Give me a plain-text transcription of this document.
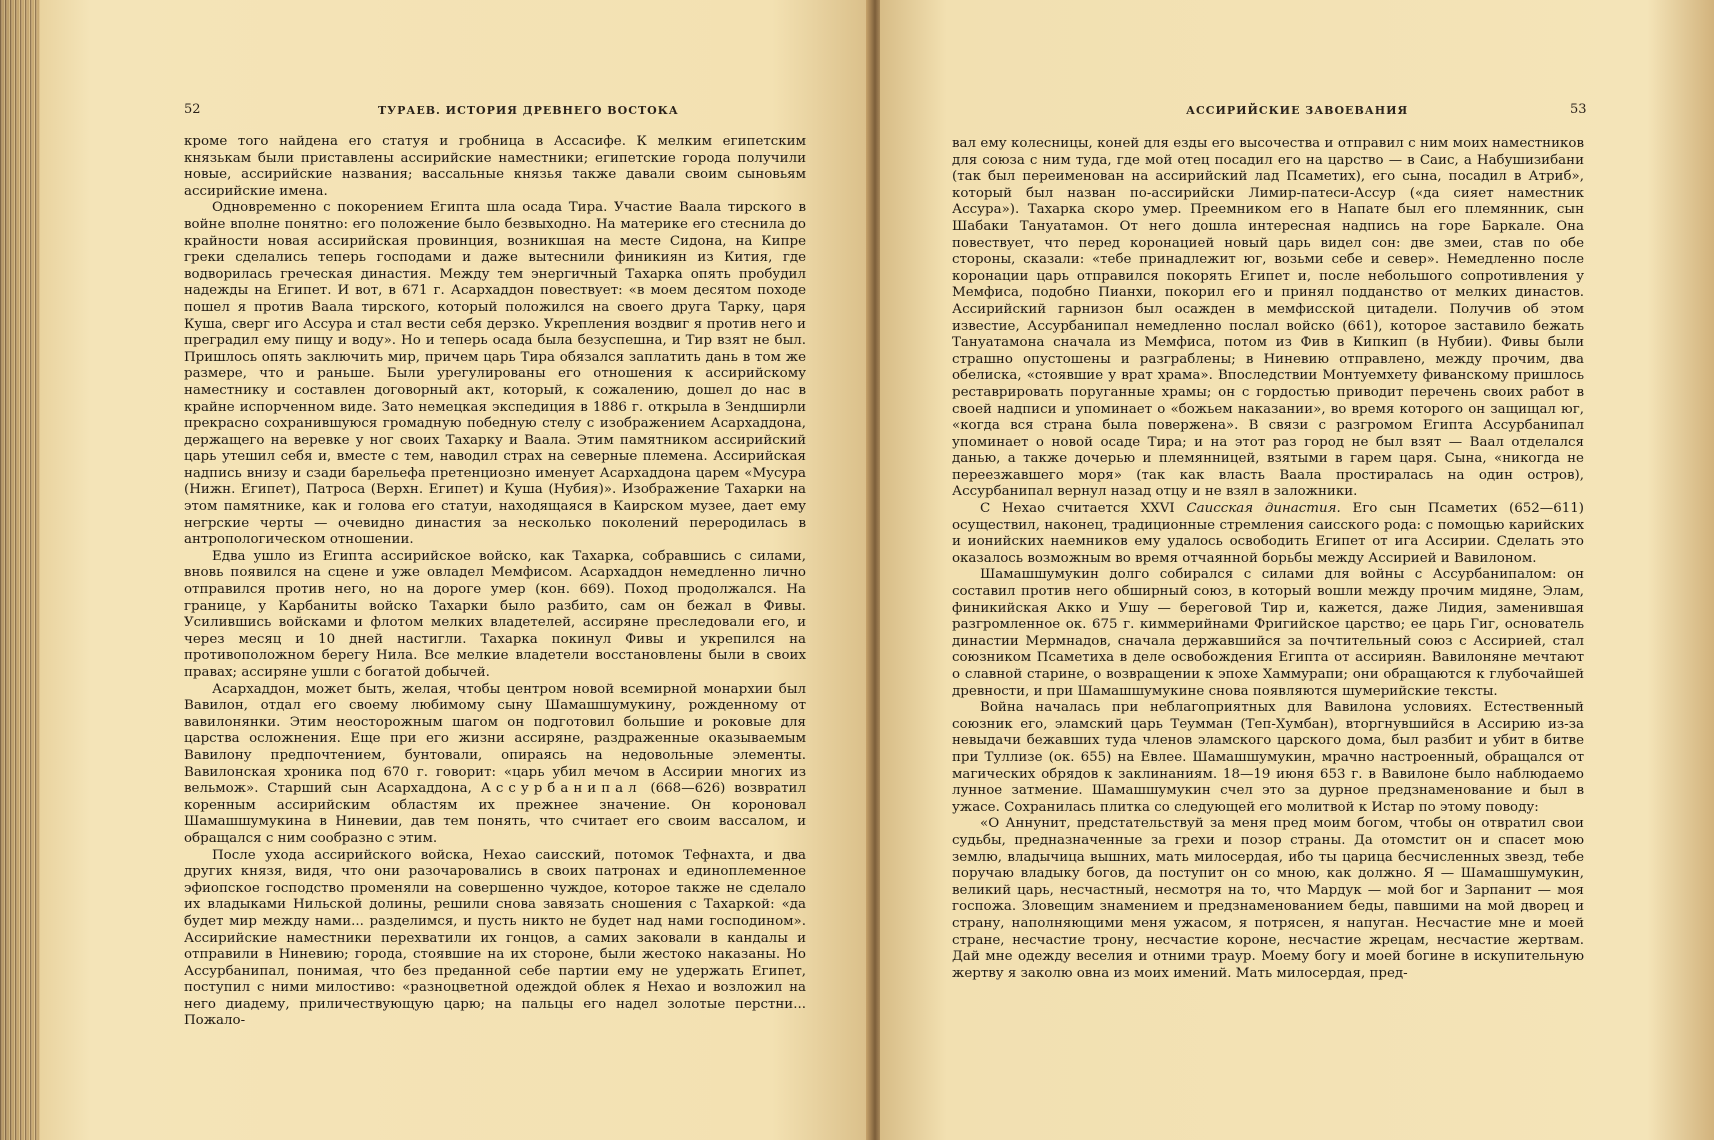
52	ТУРАЕВ. ИСТОРИЯ ДРЕВНЕГО ВОСТОКА

кроме того найдена его статуя и гробница в Ассасифе. К мелким египетским князькам были приставлены ассирийские наместники; египетские города получили новые, ассирийские названия; вассальные князья также давали своим сыновьям ассирийские имена.

Одновременно с покорением Египта шла осада Тира. Участие Ваала тирского в войне вполне понятно: его положение было безвыходно. На материке его стеснила до крайности новая ассирийская провинция, возникшая на месте Сидона, на Кипре греки сделались теперь господами и даже вытеснили финикиян из Кития, где водворилась греческая династия. Между тем энергичный Тахарка опять пробудил надежды на Египет. И вот, в 671 г. Асархаддон повествует: «в моем десятом походе пошел я против Ваала тирского, который положился на своего друга Тарку, царя Куша, сверг иго Ассура и стал вести себя дерзко. Укрепления воздвиг я против него и преградил ему пищу и воду». Но и теперь осада была безуспешна, и Тир взят не был. Пришлось опять заключить мир, причем царь Тира обязался заплатить дань в том же размере, что и раньше. Были урегулированы его отношения к ассирийскому наместнику и составлен договорный акт, который, к сожалению, дошел до нас в крайне испорченном виде. Зато немецкая экспедиция в 1886 г. открыла в Зендширли прекрасно сохранившуюся громадную победную стелу с изображением Асархаддона, держащего на веревке у ног своих Тахарку и Ваала. Этим памятником ассирийский царь утешил себя и, вместе с тем, наводил страх на северные племена. Ассирийская надпись внизу и сзади барельефа претенциозно именует Асархаддона царем «Мусура (Нижн. Египет), Патроса (Верхн. Египет) и Куша (Нубия)». Изображение Тахарки на этом памятнике, как и голова его статуи, находящаяся в Каирском музее, дает ему негрские черты — очевидно династия за несколько поколений переродилась в антропологическом отношении.

Едва ушло из Египта ассирийское войско, как Тахарка, собравшись с силами, вновь появился на сцене и уже овладел Мемфисом. Асархаддон немедленно лично отправился против него, но на дороге умер (кон. 669). Поход продолжался. На границе, у Карбаниты войско Тахарки было разбито, сам он бежал в Фивы. Усилившись войсками и флотом мелких владетелей, ассиряне преследовали его, и через месяц и 10 дней настигли. Тахарка покинул Фивы и укрепился на противоположном берегу Нила. Все мелкие владетели восстановлены были в своих правах; ассиряне ушли с богатой добычей.

Асархаддон, может быть, желая, чтобы центром новой всемирной монархии был Вавилон, отдал его своему любимому сыну Шамашшумукину, рожденному от вавилонянки. Этим неосторожным шагом он подготовил большие и роковые для царства осложнения. Еще при его жизни ассиряне, раздраженные оказываемым Вавилону предпочтением, бунтовали, опираясь на недовольные элементы. Вавилонская хроника под 670 г. говорит: «царь убил мечом в Ассирии многих из вельмож». Старший сын Асархаддона, Ассурбанипал (668—626) возвратил коренным ассирийским областям их прежнее значение. Он короновал Шамашшумукина в Ниневии, дав тем понять, что считает его своим вассалом, и обращался с ним сообразно с этим.

После ухода ассирийского войска, Нехао саисский, потомок Тефнахта, и два других князя, видя, что они разочаровались в своих патронах и единоплеменное эфиопское господство променяли на совершенно чуждое, которое также не сделало их владыками Нильской долины, решили снова завязать сношения с Тахаркой: «да будет мир между нами... разделимся, и пусть никто не будет над нами господином». Ассирийские наместники перехватили их гонцов, а самих заковали в кандалы и отправили в Ниневию; города, стоявшие на их стороне, были жестоко наказаны. Но Ассурбанипал, понимая, что без преданной себе партии ему не удержать Египет, поступил с ними милостиво: «разноцветной одеждой облек я Нехао и возложил на него диадему, приличествующую царю; на пальцы его надел золотые перстни... Пожало-

АССИРИЙСКИЕ ЗАВОЕВАНИЯ	53

вал ему колесницы, коней для езды его высочества и отправил с ним моих наместников для союза с ним туда, где мой отец посадил его на царство — в Саис, а Набушизибани (так был переименован на ассирийский лад Псаметих), его сына, посадил в Атриб», который был назван по-ассирийски Лимир-патеси-Ассур («да сияет наместник Ассура»). Тахарка скоро умер. Преемником его в Напате был его племянник, сын Шабаки Тануатамон. От него дошла интересная надпись на горе Баркале. Она повествует, что перед коронацией новый царь видел сон: две змеи, став по обе стороны, сказали: «тебе принадлежит юг, возьми себе и север». Немедленно после коронации царь отправился покорять Египет и, после небольшого сопротивления у Мемфиса, подобно Пианхи, покорил его и принял подданство от мелких династов. Ассирийский гарнизон был осажден в мемфисской цитадели. Получив об этом известие, Ассурбанипал немедленно послал войско (661), которое заставило бежать Тануатамона сначала из Мемфиса, потом из Фив в Кипкип (в Нубии). Фивы были страшно опустошены и разграблены; в Ниневию отправлено, между прочим, два обелиска, «стоявшие у врат храма». Впоследствии Монтуемхету фиванскому пришлось реставрировать поруганные храмы; он с гордостью приводит перечень своих работ в своей надписи и упоминает о «божьем наказании», во время которого он защищал юг, «когда вся страна была повержена». В связи с разгромом Египта Ассурбанипал упоминает о новой осаде Тира; и на этот раз город не был взят — Ваал отделался данью, а также дочерью и племянницей, взятыми в гарем царя. Сына, «никогда не переезжавшего моря» (так как власть Ваала простиралась на один остров), Ассурбанипал вернул назад отцу и не взял в заложники.

С Нехао считается XXVI Саисская династия. Его сын Псаметих (652—611) осуществил, наконец, традиционные стремления саисского рода: с помощью карийских и ионийских наемников ему удалось освободить Египет от ига Ассирии. Сделать это оказалось возможным во время отчаянной борьбы между Ассирией и Вавилоном.

Шамашшумукин долго собирался с силами для войны с Ассурбанипалом: он составил против него обширный союз, в который вошли между прочим мидяне, Элам, финикийская Акко и Ушу — береговой Тир и, кажется, даже Лидия, заменившая разгромленное ок. 675 г. киммерийнами Фригийское царство; ее царь Гиг, основатель династии Мермнадов, сначала державшийся за почтительный союз с Ассирией, стал союзником Псаметиха в деле освобождения Египта от ассириян. Вавилоняне мечтают о славной старине, о возвращении к эпохе Хаммурапи; они обращаются к глубочайшей древности, и при Шамашшумукине снова появляются шумерийские тексты.

Война началась при неблагоприятных для Вавилона условиях. Естественный союзник его, эламский царь Теумман (Теп-Хумбан), вторгнувшийся в Ассирию из-за невыдачи бежавших туда членов эламского царского дома, был разбит и убит в битве при Туллизе (ок. 655) на Евлее. Шамашшумукин, мрачно настроенный, обращался от магических обрядов к заклинаниям. 18—19 июня 653 г. в Вавилоне было наблюдаемо лунное затмение. Шамашшумукин счел это за дурное предзнаменование и был в ужасе. Сохранилась плитка со следующей его молитвой к Истар по этому поводу:

«О Аннунит, предстательствуй за меня пред моим богом, чтобы он отвратил свои судьбы, предназначенные за грехи и позор страны. Да отомстит он и спасет мою землю, владычица вышних, мать милосердая, ибо ты царица бесчисленных звезд, тебе поручаю владыку богов, да поступит он со мною, как должно. Я — Шамашшумукин, великий царь, несчастный, несмотря на то, что Мардук — мой бог и Зарпанит — моя госпожа. Зловещим знамением и предзнаменованием беды, павшими на мой дворец и страну, наполняющими меня ужасом, я потрясен, я напуган. Несчастие мне и моей стране, несчастие трону, несчастие короне, несчастие жрецам, несчастие жертвам. Дай мне одежду веселия и отними траур. Моему богу и моей богине в искупительную жертву я заколю овна из моих имений. Мать милосердая, пред-
